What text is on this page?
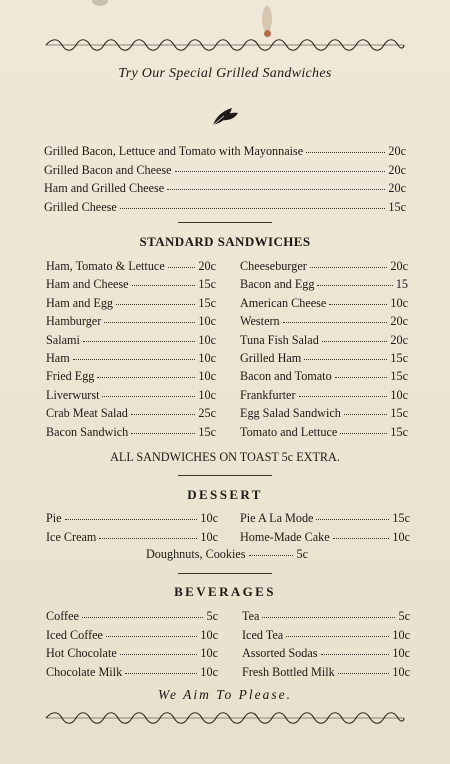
Try Our Special Grilled Sandwiches
Grilled Bacon, Lettuce and Tomato with Mayonnaise	20c
Grilled Bacon and Cheese	20c
Ham and Grilled Cheese	20c
Grilled Cheese	15c
STANDARD SANDWICHES
Ham, Tomato & Lettuce	20c
Ham and Cheese	15c
Ham and Egg	15c
Hamburger	10c
Salami	10c
Ham	10c
Fried Egg	10c
Liverwurst	10c
Crab Meat Salad	25c
Bacon Sandwich	15c
Cheeseburger	20c
Bacon and Egg	15
American Cheese	10c
Western	20c
Tuna Fish Salad	20c
Grilled Ham	15c
Bacon and Tomato	15c
Frankfurter	10c
Egg Salad Sandwich	15c
Tomato and Lettuce	15c
ALL SANDWICHES ON TOAST 5c EXTRA.
DESSERT
Pie	10c
Ice Cream	10c
Pie A La Mode	15c
Home-Made Cake	10c
Doughnuts, Cookies	5c
BEVERAGES
Coffee	5c
Iced Coffee	10c
Hot Chocolate	10c
Chocolate Milk	10c
Tea	5c
Iced Tea	10c
Assorted Sodas	10c
Fresh Bottled Milk	10c
We Aim To Please.
